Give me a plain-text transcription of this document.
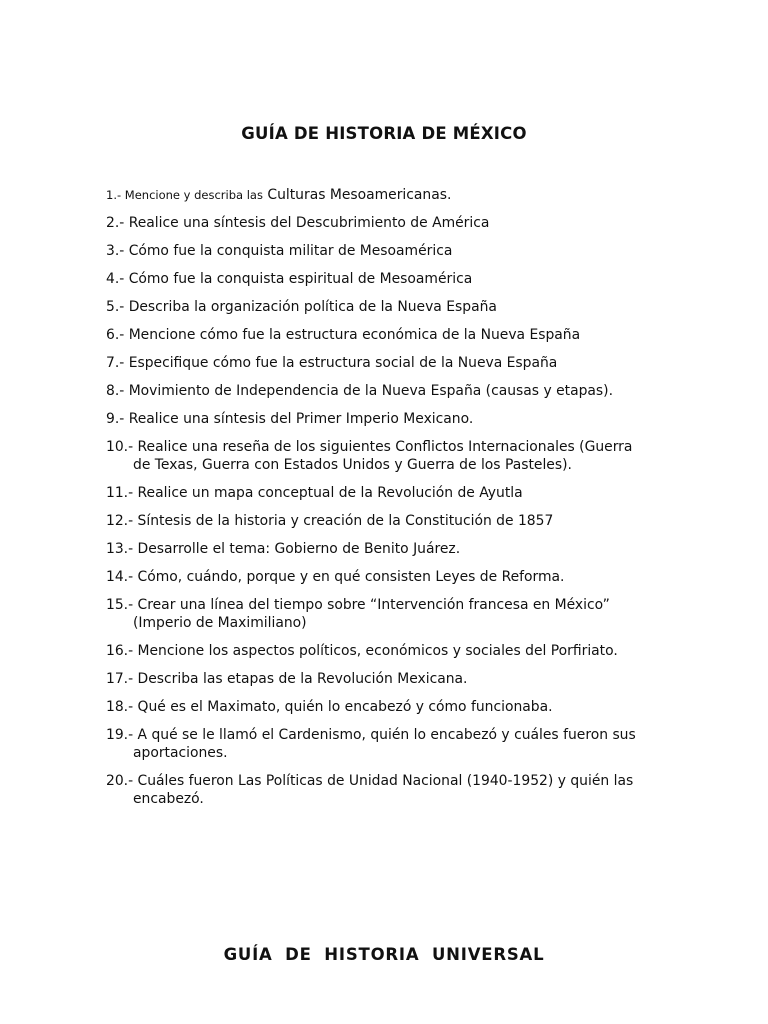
GUÍA DE HISTORIA DE MÉXICO
1.- Mencione y describa las Culturas Mesoamericanas.
2.- Realice una síntesis del Descubrimiento de América
3.- Cómo fue la conquista militar de Mesoamérica
4.- Cómo fue la conquista espiritual de Mesoamérica
5.- Describa la organización política de la Nueva España
6.- Mencione cómo fue la estructura económica de la Nueva España
7.- Especifique cómo fue la estructura social de la Nueva España
8.- Movimiento de Independencia de la Nueva España (causas y etapas).
9.- Realice una síntesis del Primer Imperio Mexicano.
10.- Realice una reseña de los siguientes Conflictos Internacionales (Guerra de Texas, Guerra con Estados Unidos y Guerra de los Pasteles).
11.- Realice un mapa conceptual de la Revolución de Ayutla
12.- Síntesis de la historia y creación de la Constitución de 1857
13.- Desarrolle el tema: Gobierno de Benito Juárez.
14.- Cómo, cuándo, porque y en qué consisten Leyes de Reforma.
15.- Crear una línea del tiempo sobre “Intervención francesa en México” (Imperio de Maximiliano)
16.- Mencione los aspectos políticos, económicos y sociales del Porfiriato.
17.- Describa las etapas de la Revolución Mexicana.
18.- Qué es el Maximato, quién lo encabezó y cómo funcionaba.
19.- A qué se le llamó el Cardenismo, quién lo encabezó y cuáles fueron sus aportaciones.
20.- Cuáles fueron Las Políticas de Unidad Nacional (1940-1952) y quién las encabezó.
GUÍA DE HISTORIA UNIVERSAL
